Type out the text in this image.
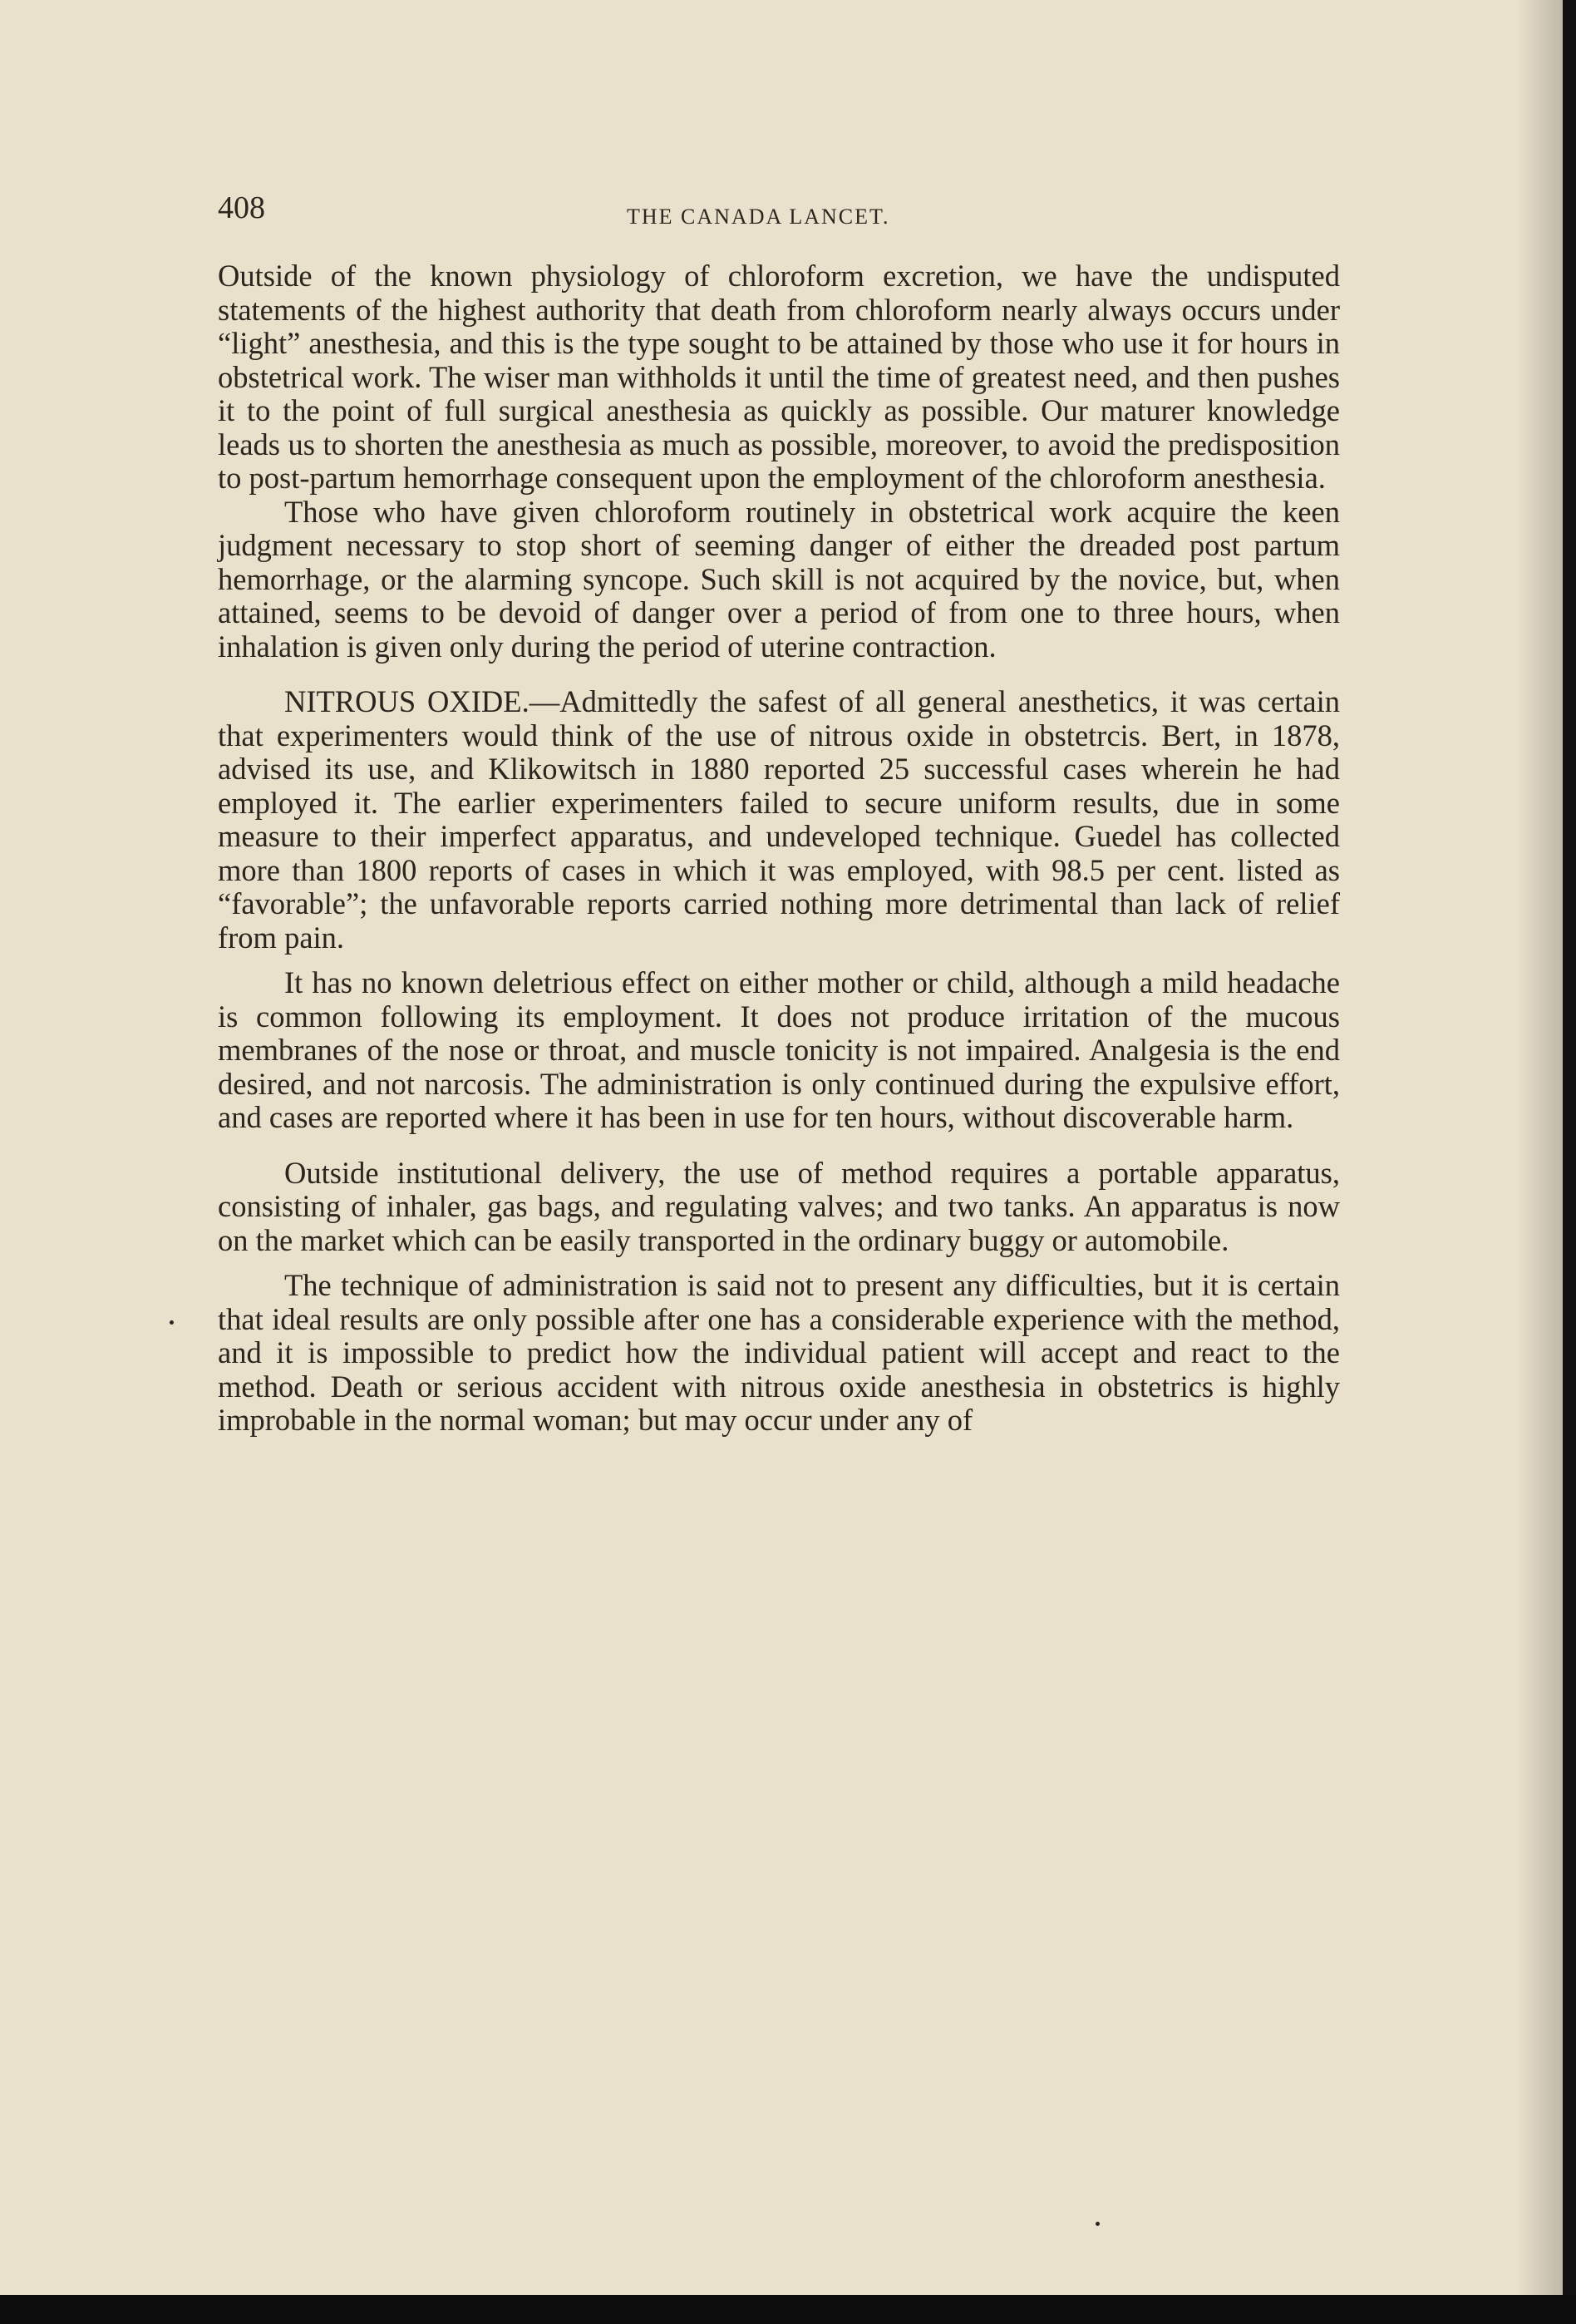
408	THE CANADA LANCET.

Outside of the known physiology of chloroform excretion, we have the undisputed statements of the highest authority that death from chloroform nearly always occurs under “light” anesthesia, and this is the type sought to be attained by those who use it for hours in obstetrical work. The wiser man withholds it until the time of greatest need, and then pushes it to the point of full surgical anesthesia as quickly as possible. Our maturer knowledge leads us to shorten the anesthesia as much as possible, moreover, to avoid the predisposition to post-partum hemorrhage consequent upon the employment of the chloroform anesthesia.

Those who have given chloroform routinely in obstetrical work acquire the keen judgment necessary to stop short of seeming danger of either the dreaded post partum hemorrhage, or the alarming syncope. Such skill is not acquired by the novice, but, when attained, seems to be devoid of danger over a period of from one to three hours, when inhalation is given only during the period of uterine contraction.

NITROUS OXIDE.—Admittedly the safest of all general anesthetics, it was certain that experimenters would think of the use of nitrous oxide in obstetrcis. Bert, in 1878, advised its use, and Klikowitsch in 1880 reported 25 successful cases wherein he had employed it. The earlier experimenters failed to secure uniform results, due in some measure to their imperfect apparatus, and undeveloped technique. Guedel has collected more than 1800 reports of cases in which it was employed, with 98.5 per cent. listed as “favorable”; the unfavorable reports carried nothing more detrimental than lack of relief from pain.

It has no known deletrious effect on either mother or child, although a mild headache is common following its employment. It does not produce irritation of the mucous membranes of the nose or throat, and muscle tonicity is not impaired. Analgesia is the end desired, and not narcosis. The administration is only continued during the expulsive effort, and cases are reported where it has been in use for ten hours, without discoverable harm.

Outside institutional delivery, the use of method requires a portable apparatus, consisting of inhaler, gas bags, and regulating valves; and two tanks. An apparatus is now on the market which can be easily transported in the ordinary buggy or automobile.

The technique of administration is said not to present any difficulties, but it is certain that ideal results are only possible after one has a considerable experience with the method, and it is impossible to predict how the individual patient will accept and react to the method. Death or serious accident with nitrous oxide anesthesia in obstetrics is highly improbable in the normal woman; but may occur under any of
